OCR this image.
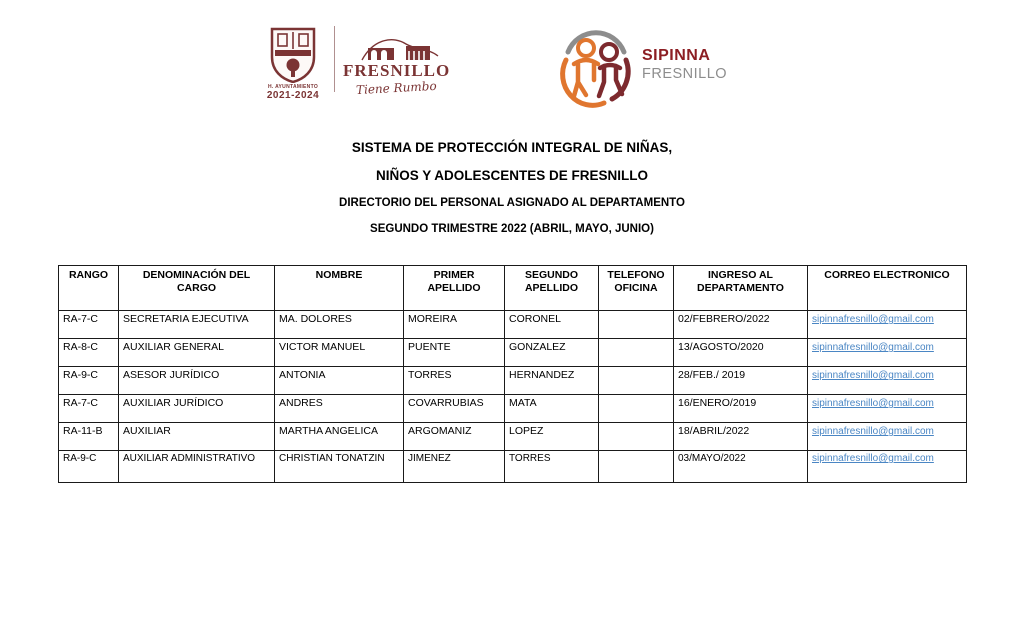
H. AYUNTAMIENTO
2021-2024
FRESNILLO
Tiene Rumbo
SIPINNA
FRESNILLO
SISTEMA DE PROTECCIÓN INTEGRAL DE NIÑAS,
NIÑOS Y ADOLESCENTES DE FRESNILLO
DIRECTORIO DEL PERSONAL ASIGNADO AL DEPARTAMENTO
SEGUNDO TRIMESTRE 2022 (ABRIL, MAYO, JUNIO)
RANGO	DENOMINACIÓN DEL CARGO	NOMBRE	PRIMER APELLIDO	SEGUNDO APELLIDO	TELEFONO OFICINA	INGRESO AL DEPARTAMENTO	CORREO ELECTRONICO
RA-7-C	SECRETARIA EJECUTIVA	MA. DOLORES	MOREIRA	CORONEL		02/FEBRERO/2022	sipinnafresnillo@gmail.com
RA-8-C	AUXILIAR GENERAL	VICTOR MANUEL	PUENTE	GONZALEZ		13/AGOSTO/2020	sipinnafresnillo@gmail.com
RA-9-C	ASESOR JURÍDICO	ANTONIA	TORRES	HERNANDEZ		28/FEB./ 2019	sipinnafresnillo@gmail.com
RA-7-C	AUXILIAR JURÍDICO	ANDRES	COVARRUBIAS	MATA		16/ENERO/2019	sipinnafresnillo@gmail.com
RA-11-B	AUXILIAR	MARTHA ANGELICA	ARGOMANIZ	LOPEZ		18/ABRIL/2022	sipinnafresnillo@gmail.com
RA-9-C	AUXILIAR ADMINISTRATIVO	CHRISTIAN TONATZIN	JIMENEZ	TORRES		03/MAYO/2022	sipinnafresnillo@gmail.com
